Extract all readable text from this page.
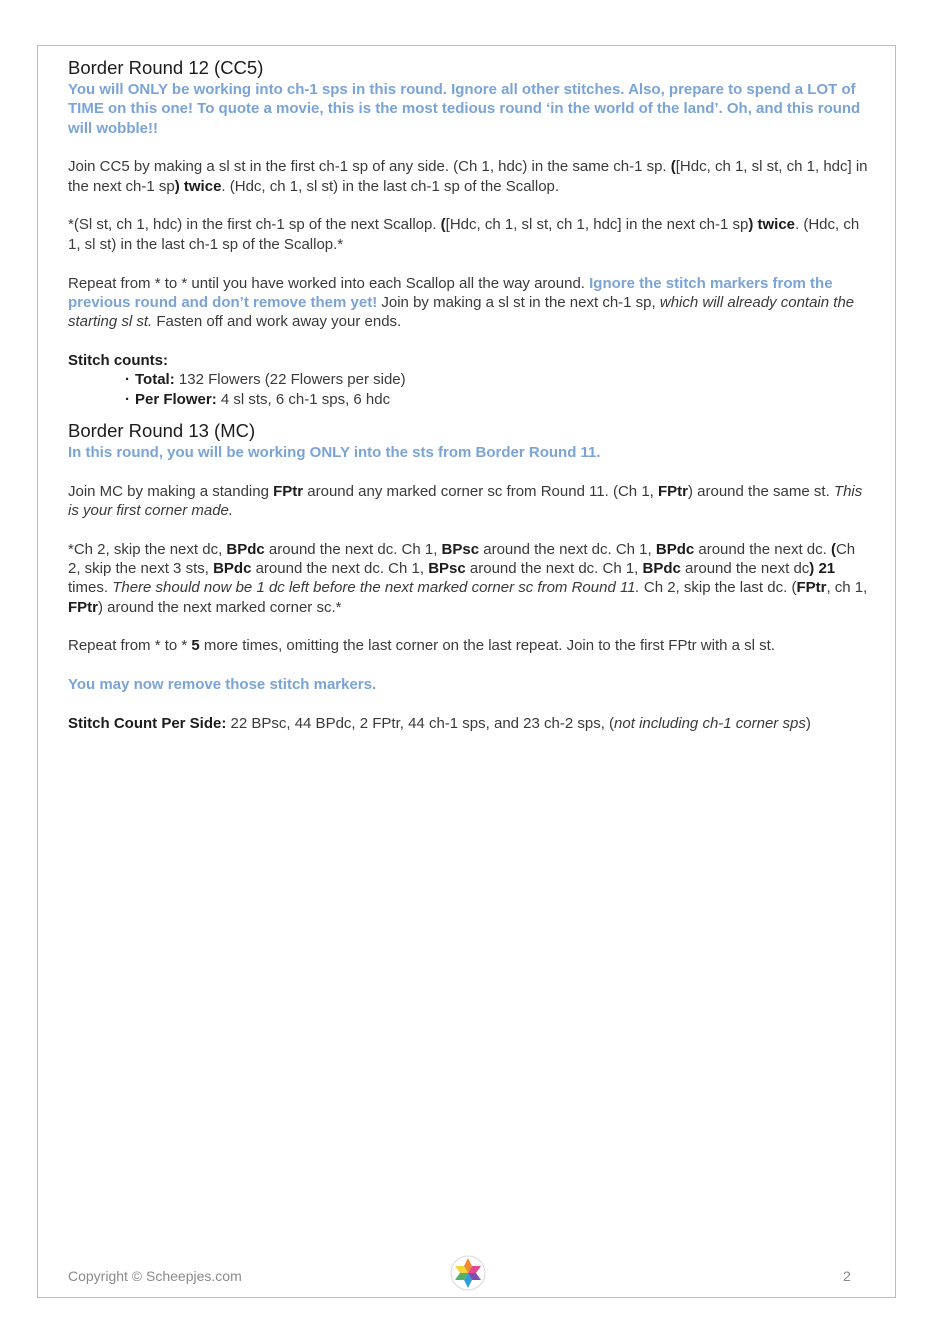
Border Round 12 (CC5)

You will ONLY be working into ch-1 sps in this round. Ignore all other stitches. Also, prepare to spend a LOT of TIME on this one! To quote a movie, this is the most tedious round ‘in the world of the land’. Oh, and this round will wobble!!

Join CC5 by making a sl st in the first ch-1 sp of any side. (Ch 1, hdc) in the same ch-1 sp. ([Hdc, ch 1, sl st, ch 1, hdc] in the next ch-1 sp) twice. (Hdc, ch 1, sl st) in the last ch-1 sp of the Scallop.

*(Sl st, ch 1, hdc) in the first ch-1 sp of the next Scallop. ([Hdc, ch 1, sl st, ch 1, hdc] in the next ch-1 sp) twice. (Hdc, ch 1, sl st) in the last ch-1 sp of the Scallop.*

Repeat from * to * until you have worked into each Scallop all the way around. Ignore the stitch markers from the previous round and don’t remove them yet! Join by making a sl st in the next ch-1 sp, which will already contain the starting sl st. Fasten off and work away your ends.

Stitch counts:

· Total: 132 Flowers (22 Flowers per side)
· Per Flower: 4 sl sts, 6 ch-1 sps, 6 hdc
Border Round 13 (MC)

In this round, you will be working ONLY into the sts from Border Round 11.

Join MC by making a standing FPtr around any marked corner sc from Round 11. (Ch 1, FPtr) around the same st. This is your first corner made.

*Ch 2, skip the next dc, BPdc around the next dc. Ch 1, BPsc around the next dc. Ch 1, BPdc around the next dc. (Ch 2, skip the next 3 sts, BPdc around the next dc. Ch 1, BPsc around the next dc. Ch 1, BPdc around the next dc) 21 times. There should now be 1 dc left before the next marked corner sc from Round 11. Ch 2, skip the last dc. (FPtr, ch 1, FPtr) around the next marked corner sc.*

Repeat from * to * 5 more times, omitting the last corner on the last repeat. Join to the first FPtr with a sl st.

You may now remove those stitch markers.

Stitch Count Per Side: 22 BPsc, 44 BPdc, 2 FPtr, 44 ch-1 sps, and 23 ch-2 sps, (not including ch-1 corner sps)

Copyright © Scheepjes.com	2
